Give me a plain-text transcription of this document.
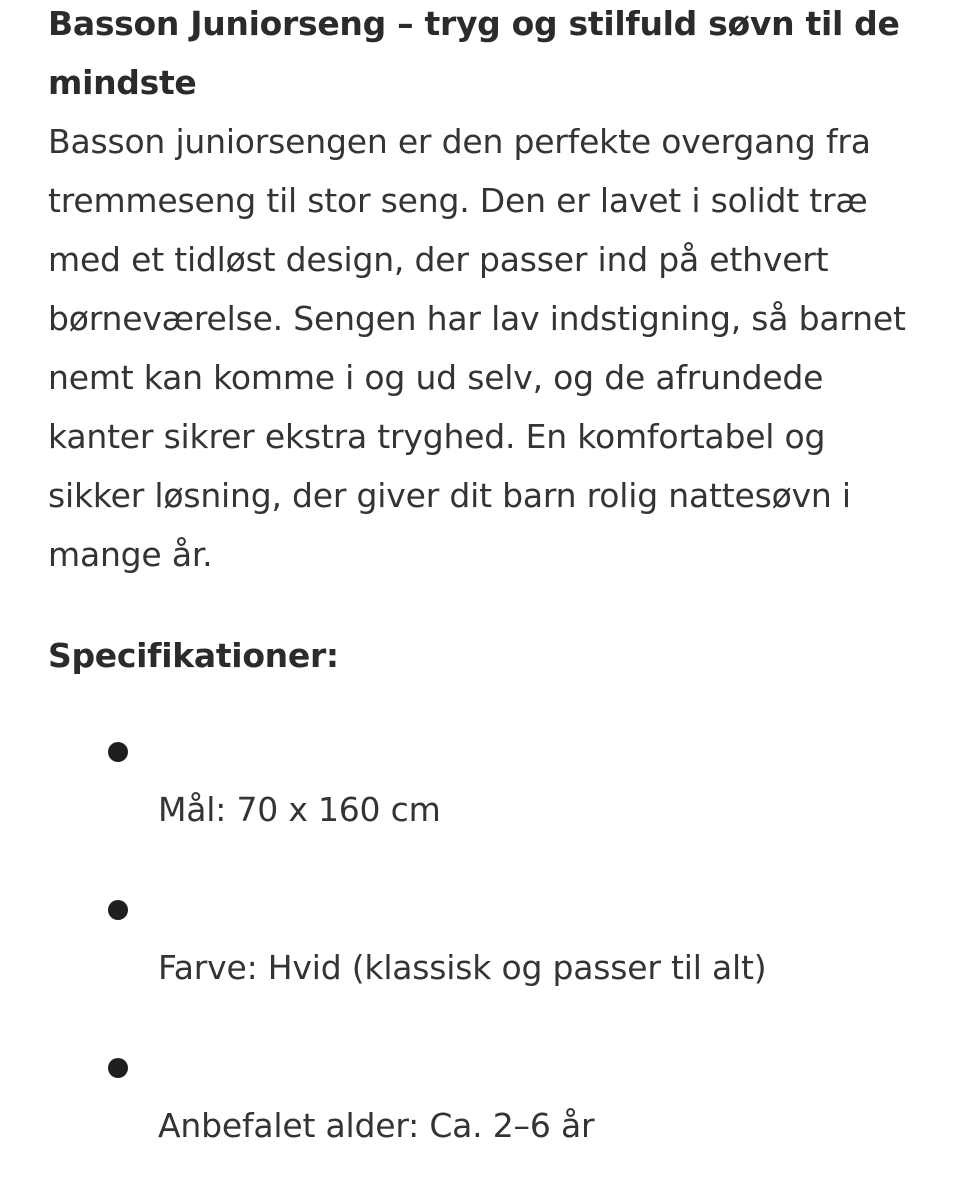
Basson Juniorseng – tryg og stilfuld søvn til de mindste

Basson juniorsengen er den perfekte overgang fra tremmeseng til stor seng. Den er lavet i solidt træ med et tidløst design, der passer ind på ethvert børneværelse. Sengen har lav indstigning, så barnet nemt kan komme i og ud selv, og de afrundede kanter sikrer ekstra tryghed. En komfortabel og sikker løsning, der giver dit barn rolig nattesøvn i mange år.

Specifikationer:
Mål: 70 x 160 cm
Farve: Hvid (klassisk og passer til alt)
Anbefalet alder: Ca. 2–6 år
